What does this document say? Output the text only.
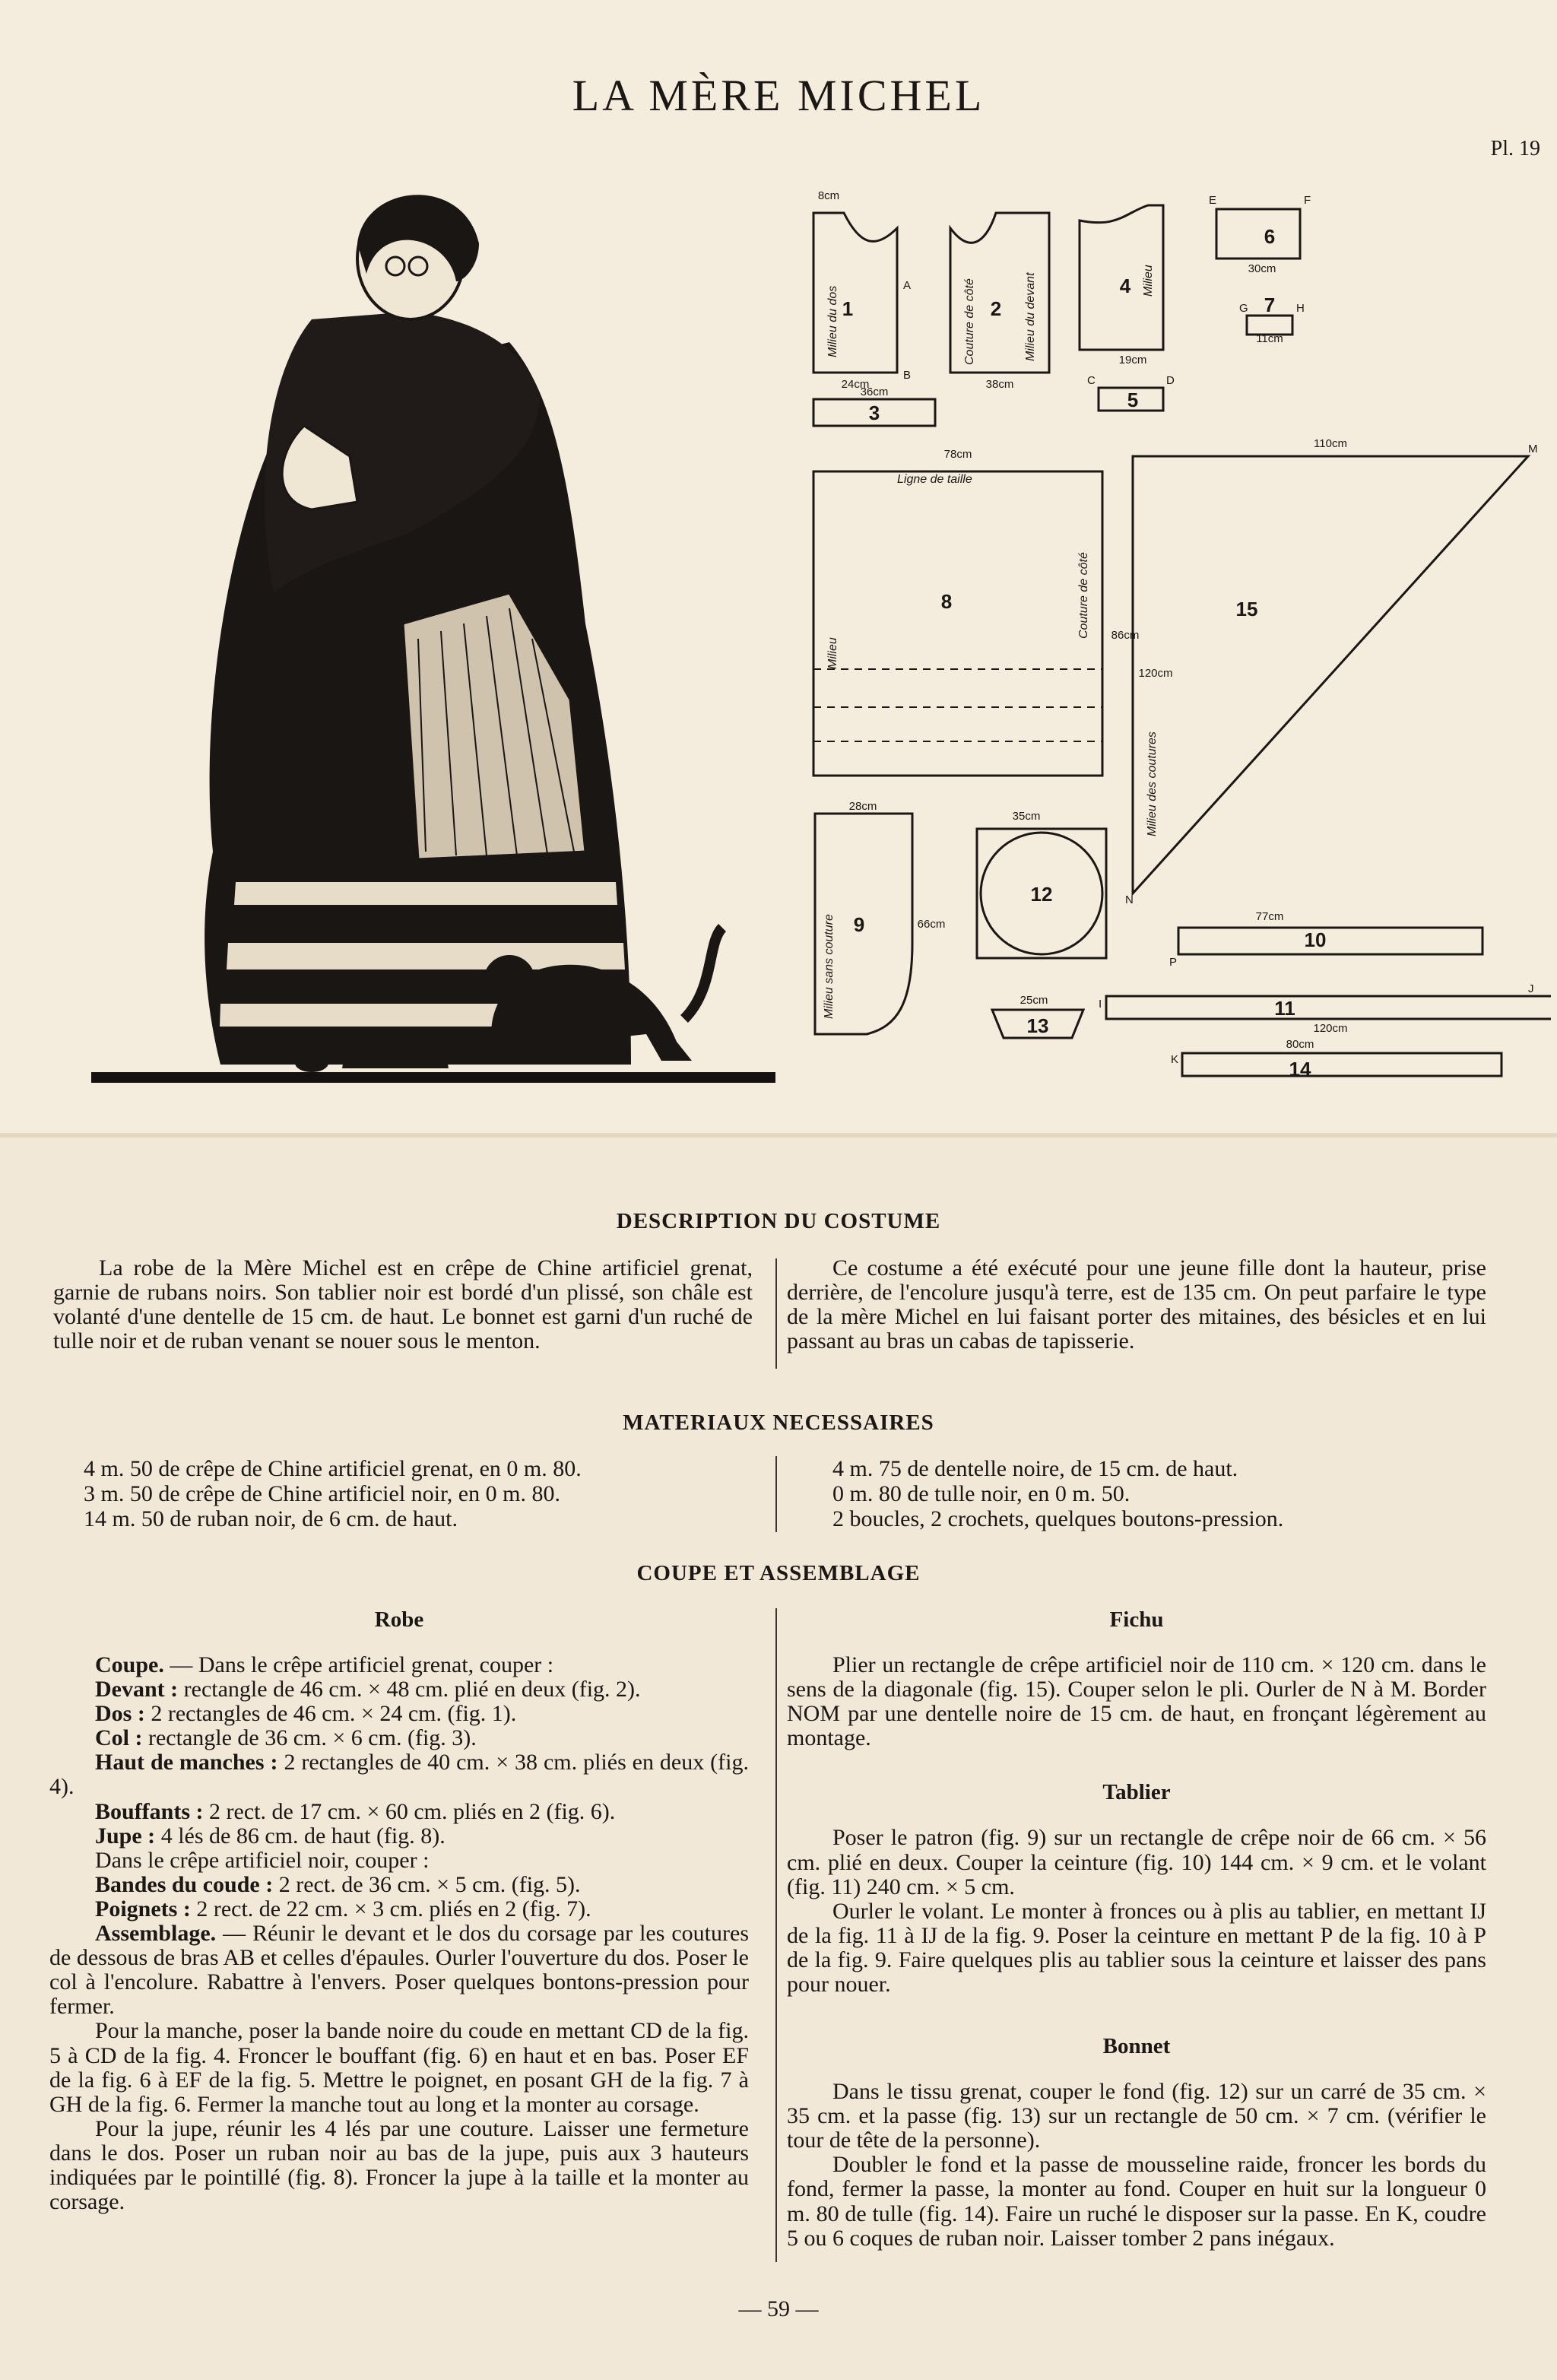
LA MÈRE MICHEL
Pl. 19
1	2
3
4
5
6
7
8
9
10
11
12
13
14
15
Milieu du dos	Couture de côté	Milieu du devant	Milieu
Ligne de taille
Milieu
Couture de côté
Milieu des coutures
Milieu sans couture
8cm
24cm
36cm
38cm
19cm
30cm
11cm
78cm
110cm
86cm
120cm
28cm
66cm
35cm
77cm
25cm
120cm
80cm
A
B	C	D
E	F
G	H
M
N
P
J
K
I
DESCRIPTION DU COSTUME

La robe de la Mère Michel est en crêpe de Chine artificiel grenat, garnie de rubans noirs. Son tablier noir est bordé d'un plissé, son châle est volanté d'une dentelle de 15 cm. de haut. Le bonnet est garni d'un ruché de tulle noir et de ruban venant se nouer sous le menton.

Ce costume a été exécuté pour une jeune fille dont la hauteur, prise derrière, de l'encolure jusqu'à terre, est de 135 cm. On peut parfaire le type de la mère Michel en lui faisant porter des mitaines, des bésicles et en lui passant au bras un cabas de tapisserie.

MATERIAUX NECESSAIRES
4 m. 50 de crêpe de Chine artificiel grenat, en 0 m. 80.
3 m. 50 de crêpe de Chine artificiel noir, en 0 m. 80.
14 m. 50 de ruban noir, de 6 cm. de haut.
4 m. 75 de dentelle noire, de 15 cm. de haut.
0 m. 80 de tulle noir, en 0 m. 50.
2 boucles, 2 crochets, quelques boutons-pression.
COUPE ET ASSEMBLAGE
Robe

Coupe. — Dans le crêpe artificiel grenat, couper :

Devant : rectangle de 46 cm. × 48 cm. plié en deux (fig. 2).

Dos : 2 rectangles de 46 cm. × 24 cm. (fig. 1).

Col : rectangle de 36 cm. × 6 cm. (fig. 3).

Haut de manches : 2 rectangles de 40 cm. × 38 cm. pliés en deux (fig. 4).

Bouffants : 2 rect. de 17 cm. × 60 cm. pliés en 2 (fig. 6).

Jupe : 4 lés de 86 cm. de haut (fig. 8).

Dans le crêpe artificiel noir, couper :

Bandes du coude : 2 rect. de 36 cm. × 5 cm. (fig. 5).

Poignets : 2 rect. de 22 cm. × 3 cm. pliés en 2 (fig. 7).

Assemblage. — Réunir le devant et le dos du corsage par les coutures de dessous de bras AB et celles d'épaules. Ourler l'ouverture du dos. Poser le col à l'encolure. Rabattre à l'envers. Poser quelques bontons-pression pour fermer.

Pour la manche, poser la bande noire du coude en mettant CD de la fig. 5 à CD de la fig. 4. Froncer le bouffant (fig. 6) en haut et en bas. Poser EF de la fig. 6 à EF de la fig. 5. Mettre le poignet, en posant GH de la fig. 7 à GH de la fig. 6. Fermer la manche tout au long et la monter au corsage.

Pour la jupe, réunir les 4 lés par une couture. Laisser une fermeture dans le dos. Poser un ruban noir au bas de la jupe, puis aux 3 hauteurs indiquées par le pointillé (fig. 8). Froncer la jupe à la taille et la monter au corsage.

Fichu

Plier un rectangle de crêpe artificiel noir de 110 cm. × 120 cm. dans le sens de la diagonale (fig. 15). Couper selon le pli. Ourler de N à M. Border NOM par une dentelle noire de 15 cm. de haut, en fronçant légèrement au montage.

Tablier

Poser le patron (fig. 9) sur un rectangle de crêpe noir de 66 cm. × 56 cm. plié en deux. Couper la ceinture (fig. 10) 144 cm. × 9 cm. et le volant (fig. 11) 240 cm. × 5 cm.

Ourler le volant. Le monter à fronces ou à plis au tablier, en mettant IJ de la fig. 11 à IJ de la fig. 9. Poser la ceinture en mettant P de la fig. 10 à P de la fig. 9. Faire quelques plis au tablier sous la ceinture et laisser des pans pour nouer.

Bonnet

Dans le tissu grenat, couper le fond (fig. 12) sur un carré de 35 cm. × 35 cm. et la passe (fig. 13) sur un rectangle de 50 cm. × 7 cm. (vérifier le tour de tête de la personne).

Doubler le fond et la passe de mousseline raide, froncer les bords du fond, fermer la passe, la monter au fond. Couper en huit sur la longueur 0 m. 80 de tulle (fig. 14). Faire un ruché le disposer sur la passe. En K, coudre 5 ou 6 coques de ruban noir. Laisser tomber 2 pans inégaux.

— 59 —
